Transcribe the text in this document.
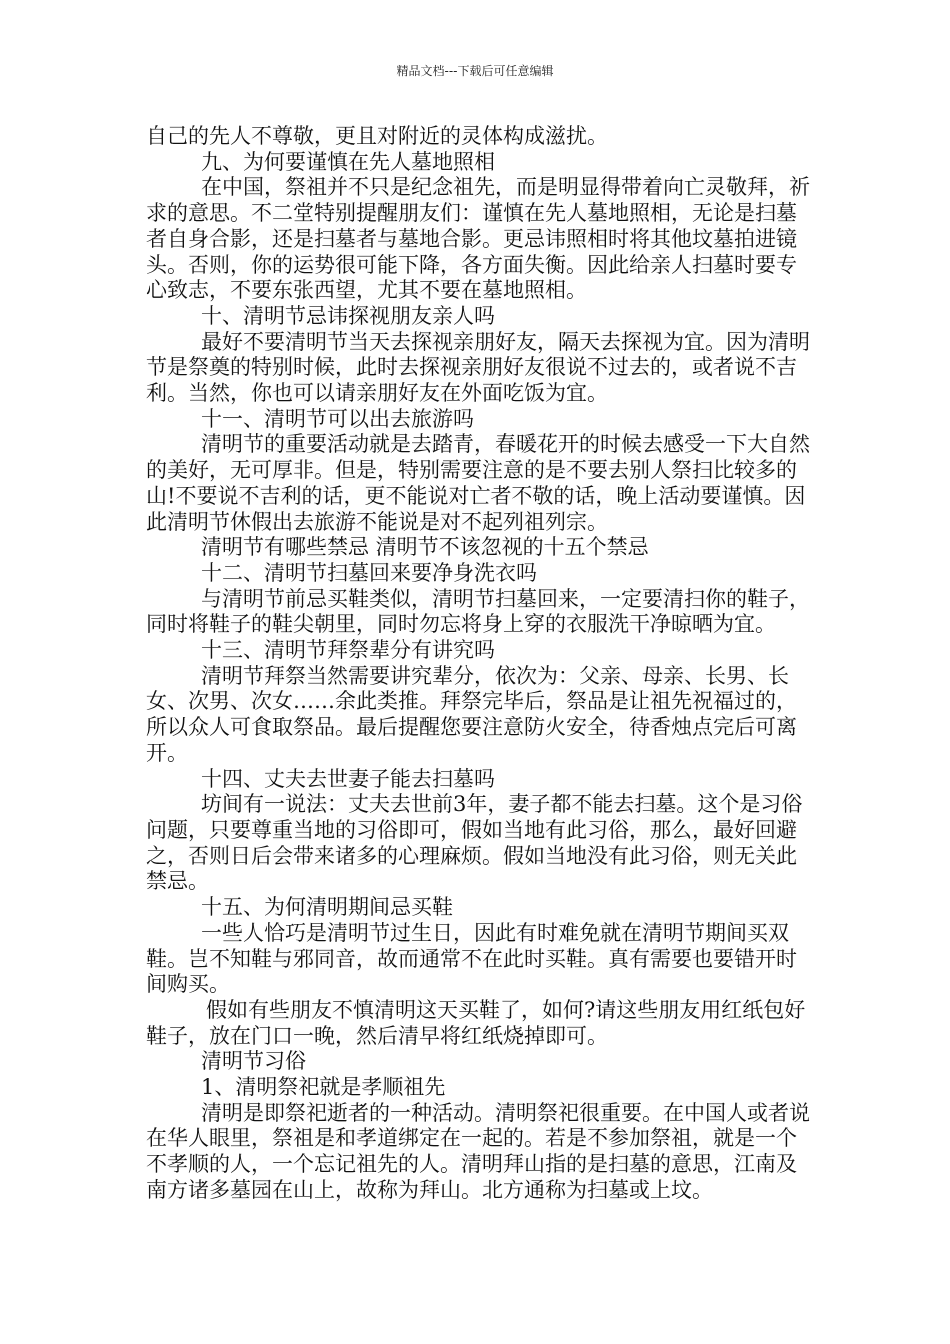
精品文档---下载后可任意编辑

自己的先人不尊敬，更且对附近的灵体构成滋扰。

九、为何要谨慎在先人墓地照相

在中国，祭祖并不只是纪念祖先，而是明显得带着向亡灵敬拜，祈求的意思。不二堂特别提醒朋友们：谨慎在先人墓地照相，无论是扫墓者自身合影，还是扫墓者与墓地合影。更忌讳照相时将其他坟墓拍进镜头。否则，你的运势很可能下降，各方面失衡。因此给亲人扫墓时要专心致志，不要东张西望，尤其不要在墓地照相。

十、清明节忌讳探视朋友亲人吗

最好不要清明节当天去探视亲朋好友，隔天去探视为宜。因为清明节是祭奠的特别时候，此时去探视亲朋好友很说不过去的，或者说不吉利。当然，你也可以请亲朋好友在外面吃饭为宜。

十一、清明节可以出去旅游吗

清明节的重要活动就是去踏青，春暖花开的时候去感受一下大自然的美好，无可厚非。但是，特别需要注意的是不要去别人祭扫比较多的山!不要说不吉利的话，更不能说对亡者不敬的话，晚上活动要谨慎。因此清明节休假出去旅游不能说是对不起列祖列宗。

清明节有哪些禁忌 清明节不该忽视的十五个禁忌

十二、清明节扫墓回来要净身洗衣吗

与清明节前忌买鞋类似，清明节扫墓回来，一定要清扫你的鞋子，同时将鞋子的鞋尖朝里，同时勿忘将身上穿的衣服洗干净晾晒为宜。

十三、清明节拜祭辈分有讲究吗

清明节拜祭当然需要讲究辈分，依次为：父亲、母亲、长男、长女、次男、次女……余此类推。拜祭完毕后，祭品是让祖先祝福过的，所以众人可食取祭品。最后提醒您要注意防火安全，待香烛点完后可离开。

十四、丈夫去世妻子能去扫墓吗

坊间有一说法：丈夫去世前3年，妻子都不能去扫墓。这个是习俗问题，只要尊重当地的习俗即可，假如当地有此习俗，那么，最好回避之，否则日后会带来诸多的心理麻烦。假如当地没有此习俗，则无关此禁忌。

十五、为何清明期间忌买鞋

一些人恰巧是清明节过生日，因此有时难免就在清明节期间买双鞋。岂不知鞋与邪同音，故而通常不在此时买鞋。真有需要也要错开时间购买。

假如有些朋友不慎清明这天买鞋了，如何?请这些朋友用红纸包好鞋子，放在门口一晚，然后清早将红纸烧掉即可。

清明节习俗

1、清明祭祀就是孝顺祖先

清明是即祭祀逝者的一种活动。清明祭祀很重要。在中国人或者说在华人眼里，祭祖是和孝道绑定在一起的。若是不参加祭祖，就是一个不孝顺的人，一个忘记祖先的人。清明拜山指的是扫墓的意思，江南及南方诸多墓园在山上，故称为拜山。北方通称为扫墓或上坟。
